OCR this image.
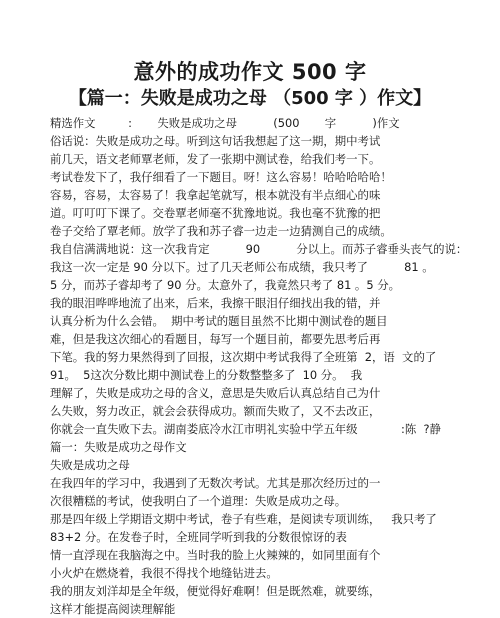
意外的成功作文 500 字
【篇一：失败是成功之母 （500 字 ）作文】
精选作文         :       失败是成功之母          (500       字          )作文
俗话说：失败是成功之母。听到这句话我想起了这一期，期中考试
前几天，语文老师覃老师，发了一张期中测试卷，给我们考一下。
考试卷发下了，我仔细看了一下题目。呀！这么容易！哈哈哈哈哈！
容易，容易，太容易了！我拿起笔就写，根本就没有半点细心的味
道。叮叮叮下课了。交卷覃老师毫不犹豫地说。我也毫不犹豫的把
卷子交给了覃老师。放学了我和苏子睿一边走一边猜测自己的成绩。
我自信满满地说：这一次我肯定          90          分以上。而苏子睿垂头丧气的说：
我这一次一定是 90 分以下。过了几天老师公布成绩，我只考了          81 。
5 分，而苏子睿却考了 90 分。太意外了，我竟然只考了 81 。5 分。
我的眼泪哗哗地流了出来，后来，我擦干眼泪仔细找出我的错，并
认真分析为什么会错。  期中考试的题目虽然不比期中测试卷的题目
难，但是我这次细心的看题目，每写一个题目前，都要先思考后再
下笔。我的努力果然得到了回报，这次期中考试我得了全班第  2，语  文的了
91。  5这次分数比期中测试卷上的分数整整多了  10 分。  我
理解了，失败是成功之母的含义，意思是失败后认真总结自己为什
么失败，努力改正，就会会获得成功。额而失败了，又不去改正，
你就会一直失败下去。湖南娄底冷水江市明礼实验中学五年级            :陈  ?静
篇一：失败是成功之母作文
失败是成功之母
在我四年的学习中，我遇到了无数次考试。尤其是那次经历过的一
次很糟糕的考试，使我明白了一个道理：失败是成功之母。
那是四年级上学期语文期中考试，卷子有些难，是阅读专项训练，   我只考了
83+2 分。在发卷子时，全班同学听到我的分数很惊讶的表
情一直浮现在我脑海之中。当时我的脸上火辣辣的，如同里面有个
小火炉在燃烧着，我很不得找个地缝钻进去。
我的朋友刘洋却是全年级，便觉得好难啊！但是既然难，就要练，
这样才能提高阅读理解能
